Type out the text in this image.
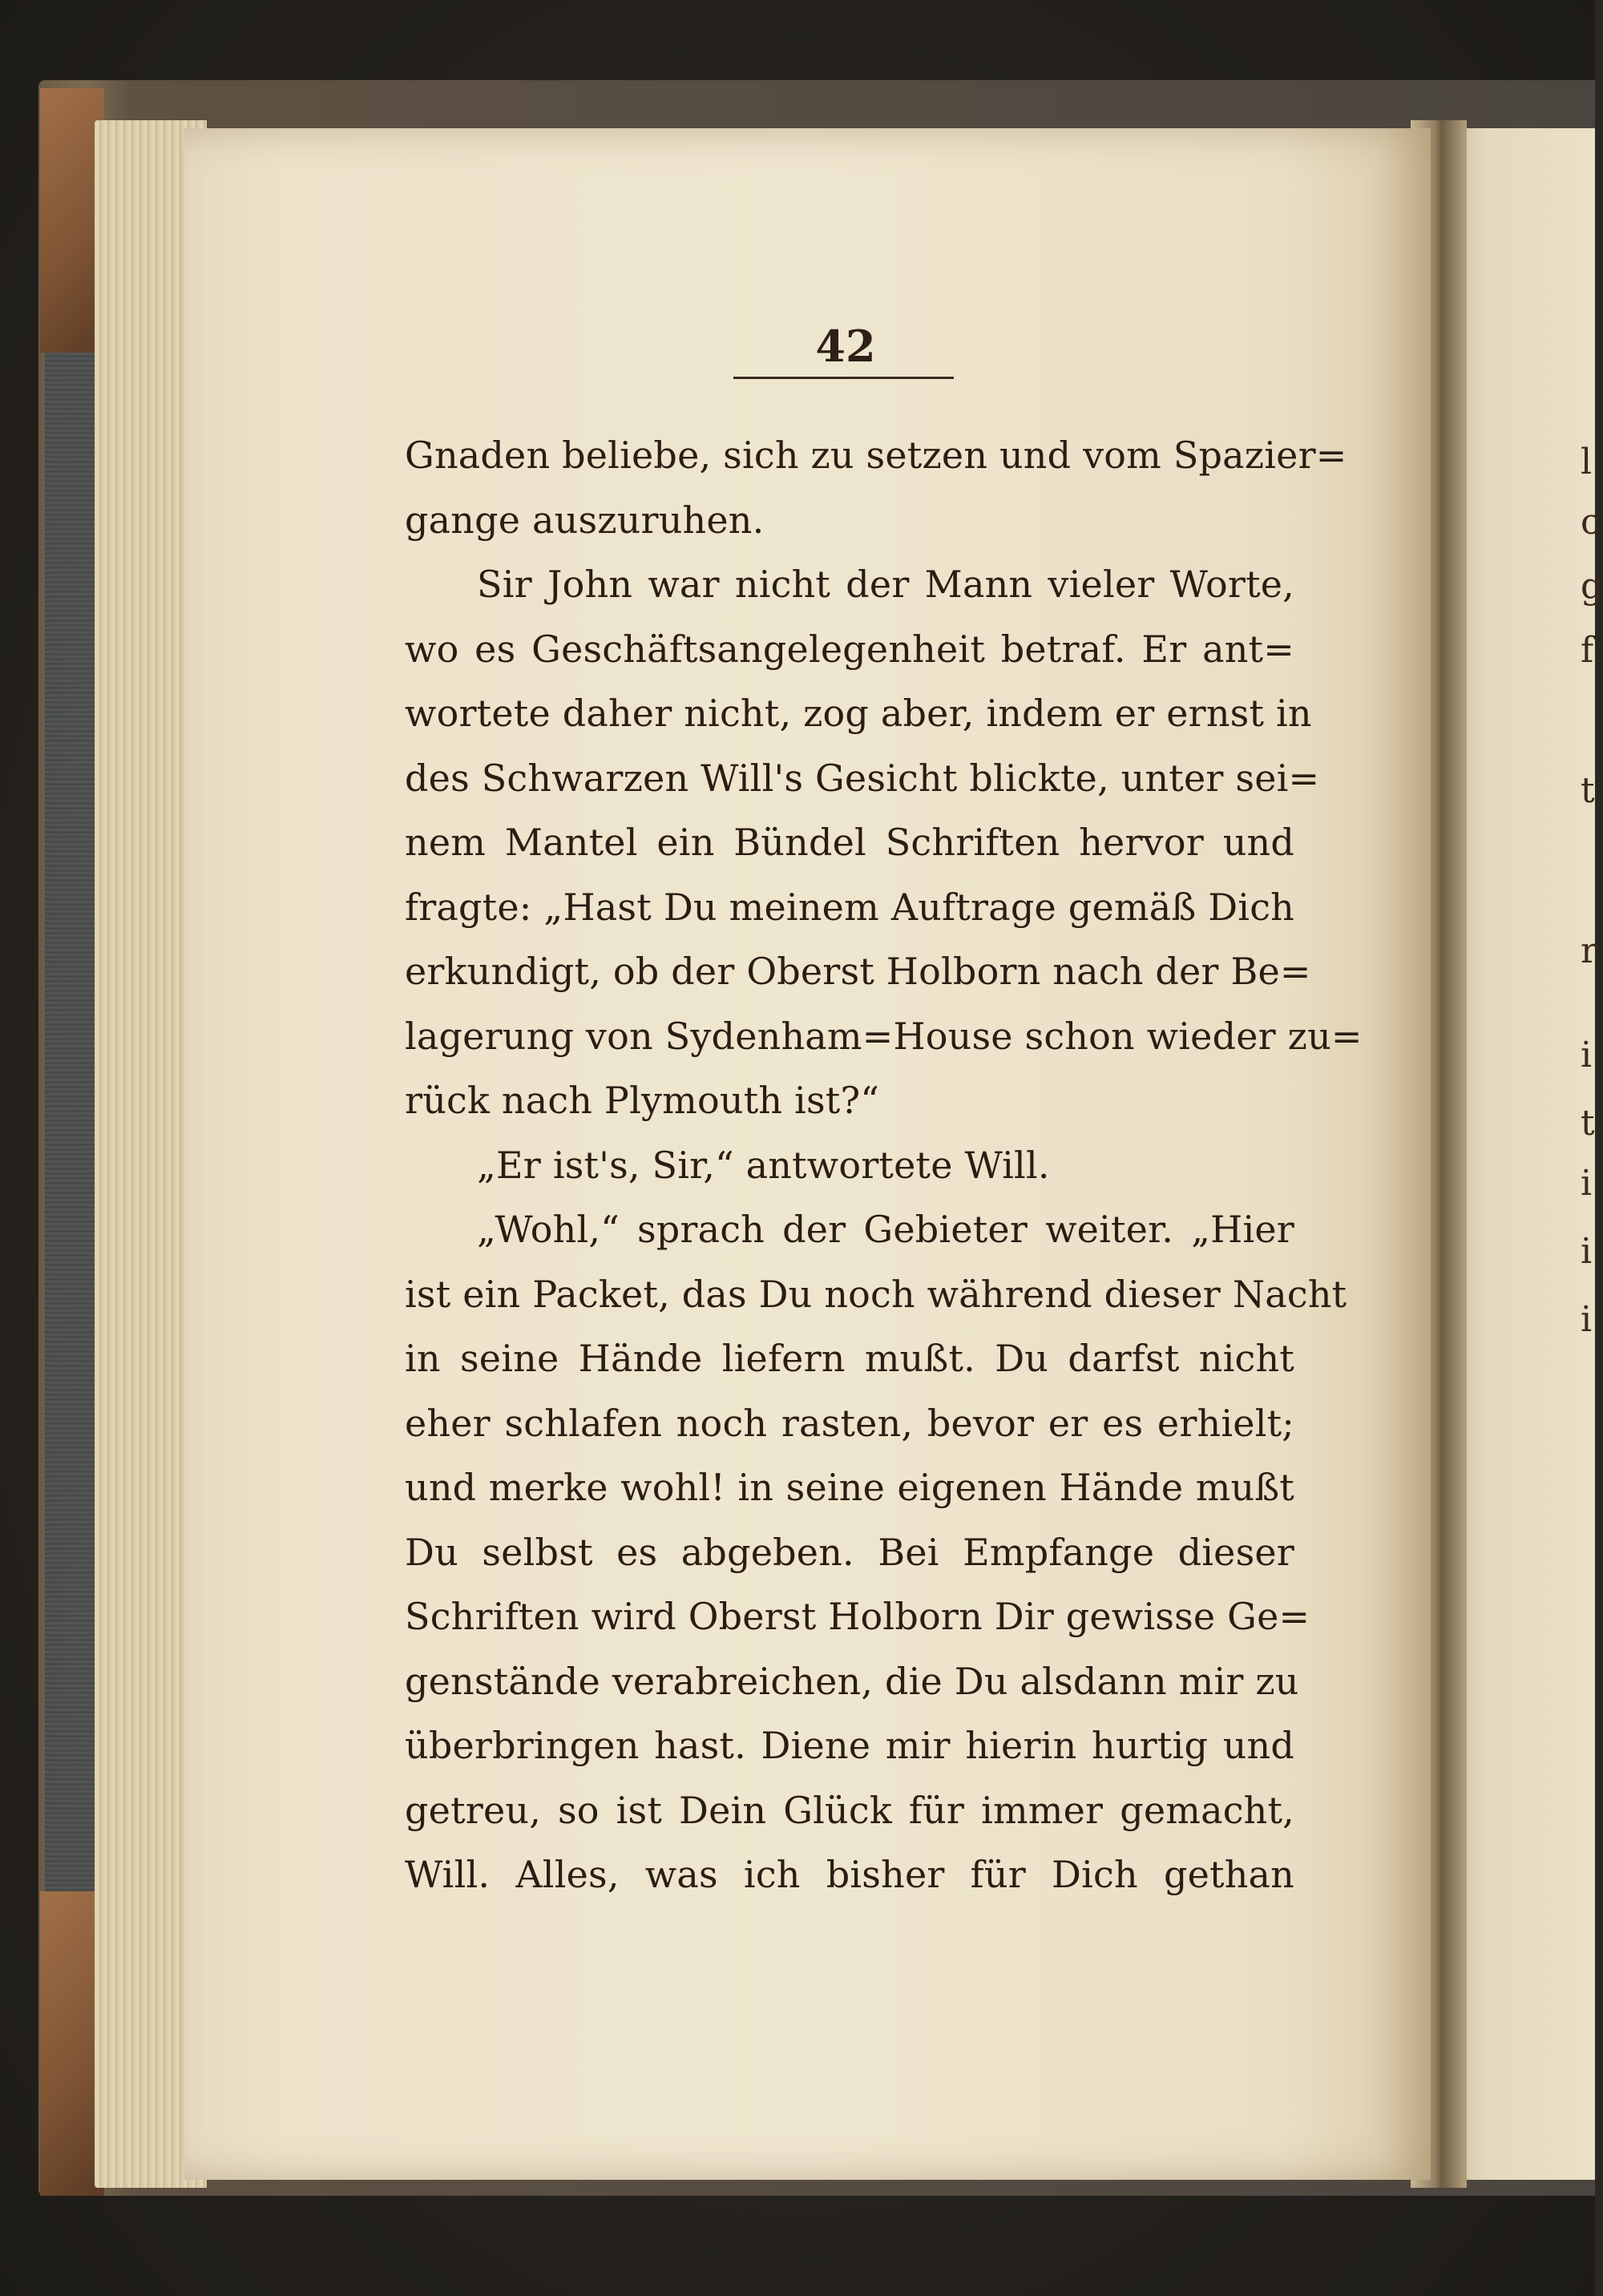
42
Gnaden beliebe, sich zu setzen und vom Spazier=
gange auszuruhen.
Sir John war nicht der Mann vieler Worte,
wo es Geschäftsangelegenheit betraf. Er ant=
wortete daher nicht, zog aber, indem er ernst in
des Schwarzen Will's Gesicht blickte, unter sei=
nem Mantel ein Bündel Schriften hervor und
fragte: „Hast Du meinem Auftrage gemäß Dich
erkundigt, ob der Oberst Holborn nach der Be=
lagerung von Sydenham=House schon wieder zu=
rück nach Plymouth ist?“
„Er ist's, Sir,“ antwortete Will.
„Wohl,“ sprach der Gebieter weiter. „Hier
ist ein Packet, das Du noch während dieser Nacht
in seine Hände liefern mußt. Du darfst nicht
eher schlafen noch rasten, bevor er es erhielt;
und merke wohl! in seine eigenen Hände mußt
Du selbst es abgeben. Bei Empfange dieser
Schriften wird Oberst Holborn Dir gewisse Ge=
genstände verabreichen, die Du alsdann mir zu
überbringen hast. Diene mir hierin hurtig und
getreu, so ist Dein Glück für immer gemacht,
Will. Alles, was ich bisher für Dich gethan
l
c
g
f
t
r
i
t
i
i
i
